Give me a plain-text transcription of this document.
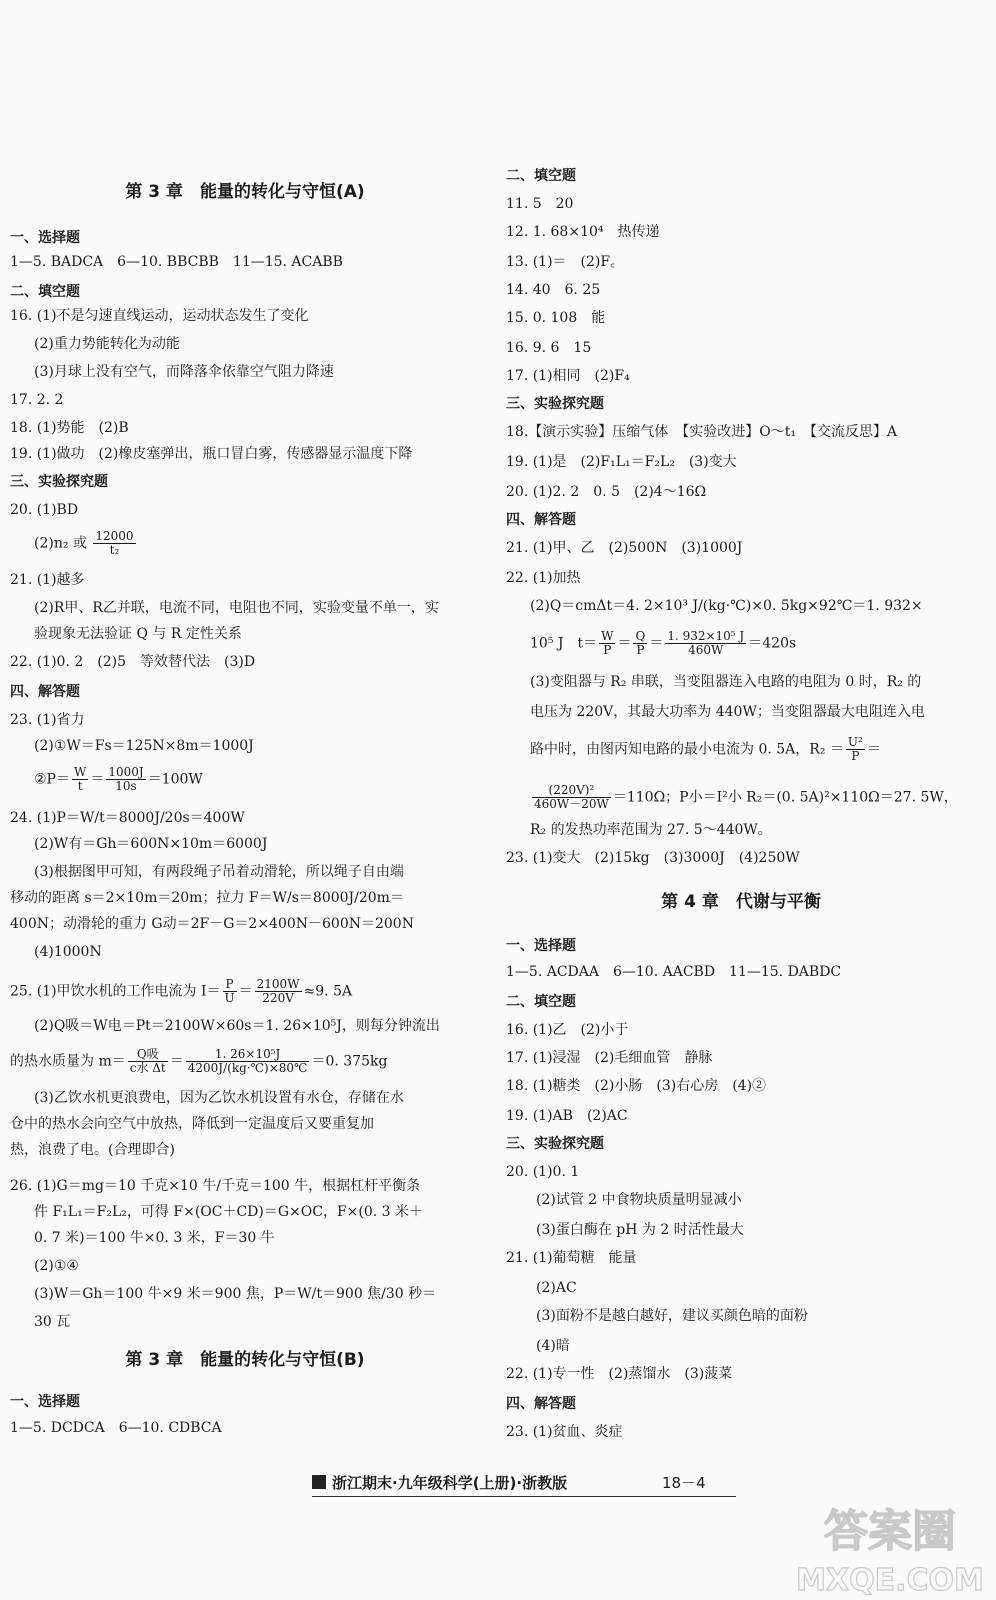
第 3 章　能量的转化与守恒(A)
一、选择题
1—5. BADCA　6—10. BBCBB　11—15. ACABB
二、填空题
16. (1)不是匀速直线运动，运动状态发生了变化
(2)重力势能转化为动能
(3)月球上没有空气，而降落伞依靠空气阻力降速
17. 2. 2
18. (1)势能　(2)B
19. (1)做功　(2)橡皮塞弹出，瓶口冒白雾，传感器显示温度下降
三、实验探究题
20. (1)BD
(2)n₂ 或 $\frac{12000}{\text{t₂}}$
21. (1)越多
(2)R甲、R乙并联，电流不同，电阻也不同，实验变量不单一，实
验现象无法验证 Q 与 R 定性关系
22. (1)0. 2　(2)5　等效替代法　(3)D
四、解答题
23. (1)省力
(2)①W＝Fs＝125N×8m＝1000J
②P＝ $\frac{W}{t} = \frac{1000J}{10s} =100W$
24. (1)P＝W/t＝8000J/20s＝400W
(2)W有＝Gh＝600N×10m＝6000J
(3)根据图甲可知，有两段绳子吊着动滑轮，所以绳子自由端
移动的距离 s＝2×10m＝20m；拉力 F＝W/s＝8000J/20m＝
400N；动滑轮的重力 G动＝2F－G＝2×400N－600N＝200N
(4)1000N
25. (1)甲饮水机的工作电流为 $I= \frac{P}{U} = \frac{2100W}{220V} \approx 9$. 5A
(2)Q吸＝W电＝Pt＝2100W×60s＝1. 26×10⁵J，则每分钟流出
的热水质量为 $m= \frac{\text{Q吸}}{\text{c水 Δt}} = \frac{\text{1. 26×10⁵J}}{4200J/(kg\cdot℃)\times 80℃} =0$. 375kg
(3)乙饮水机更浪费电，因为乙饮水机设置有水仓，存储在水
仓中的热水会向空气中放热，降低到一定温度后又要重复加
热，浪费了电。(合理即合)
26. (1)G＝mg＝10 千克×10 牛/千克＝100 牛，根据杠杆平衡条
件 F₁L₁＝F₂L₂，可得 F×(OC＋CD)＝G×OC，F×(0. 3 米＋
0. 7 米)＝100 牛×0. 3 米，F＝30 牛
(2)①④
(3)W＝Gh＝100 牛×9 米＝900 焦，P＝W/t＝900 焦/30 秒＝
30 瓦
第 3 章　能量的转化与守恒(B)
一、选择题
1—5. DCDCA　6—10. CDBCA
二、填空题
11. 5　20
12. 1. 68×10⁴　热传递
13. (1)＝　(2)F꜀
14. 40　6. 25
15. 0. 108　能
16. 9. 6　15
17. (1)相同　(2)F₄
三、实验探究题
18.【演示实验】压缩气体　【实验改进】O～t₁　【交流反思】A
19. (1)是　(2)F₁L₁＝F₂L₂　(3)变大
20. (1)2. 2　0. 5　(2)4～16Ω
四、解答题
21. (1)甲、乙　(2)500N　(3)1000J
22. (1)加热
(2)Q＝cmΔt＝4. 2×10³ J/(kg·℃)×0. 5kg×92℃＝1. 932×
10⁵ J　$t= \frac{W}{P} = \frac{Q}{P} = \frac{\text{1. 932×10⁵ J}}{460W} =420s$
(3)变阻器与 R₂ 串联，当变阻器连入电路的电阻为 0 时，R₂ 的
电压为 220V，其最大功率为 440W；当变阻器最大电阻连入电
路中时，由图丙知电路的最小电流为 0. 5A，$R_2 = \frac{\text{U²}}{P}$ ＝
$\frac{\text{(220V)²}}{460W-20W} =110\Omega$；P小＝I²小 R₂＝(0. 5A)²×110Ω＝27. 5W，
R₂ 的发热功率范围为 27. 5～440W。
23. (1)变大　(2)15kg　(3)3000J　(4)250W
第 4 章　代谢与平衡
一、选择题
1—5. ACDAA　6—10. AACBD　11—15. DABDC
二、填空题
16. (1)乙　(2)小于
17. (1)浸湿　(2)毛细血管　静脉
18. (1)糖类　(2)小肠　(3)右心房　(4)②
19. (1)AB　(2)AC
三、实验探究题
20. (1)0. 1
(2)试管 2 中食物块质量明显减小
(3)蛋白酶在 pH 为 2 时活性最大
21. (1)葡萄糖　能量
(2)AC
(3)面粉不是越白越好，建议买颜色暗的面粉
(4)暗
22. (1)专一性　(2)蒸馏水　(3)菠菜
四、解答题
23. (1)贫血、炎症
浙江期末·九年级科学(上册)·浙教版	18－4
答案圈
MXQE.COM
